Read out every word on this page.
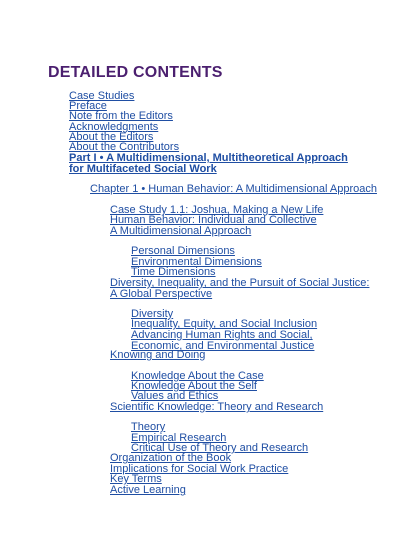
DETAILED CONTENTS
Case Studies
Preface
Note from the Editors
Acknowledgments
About the Editors
About the Contributors
Part I • A Multidimensional, Multitheoretical Approach for Multifaceted Social Work
Chapter 1 • Human Behavior: A Multidimensional Approach
Case Study 1.1: Joshua, Making a New Life
Human Behavior: Individual and Collective
A Multidimensional Approach
Personal Dimensions
Environmental Dimensions
Time Dimensions
Diversity, Inequality, and the Pursuit of Social Justice: A Global Perspective
Diversity
Inequality, Equity, and Social Inclusion
Advancing Human Rights and Social, Economic, and Environmental Justice
Knowing and Doing
Knowledge About the Case
Knowledge About the Self
Values and Ethics
Scientific Knowledge: Theory and Research
Theory
Empirical Research
Critical Use of Theory and Research
Organization of the Book
Implications for Social Work Practice
Key Terms
Active Learning
